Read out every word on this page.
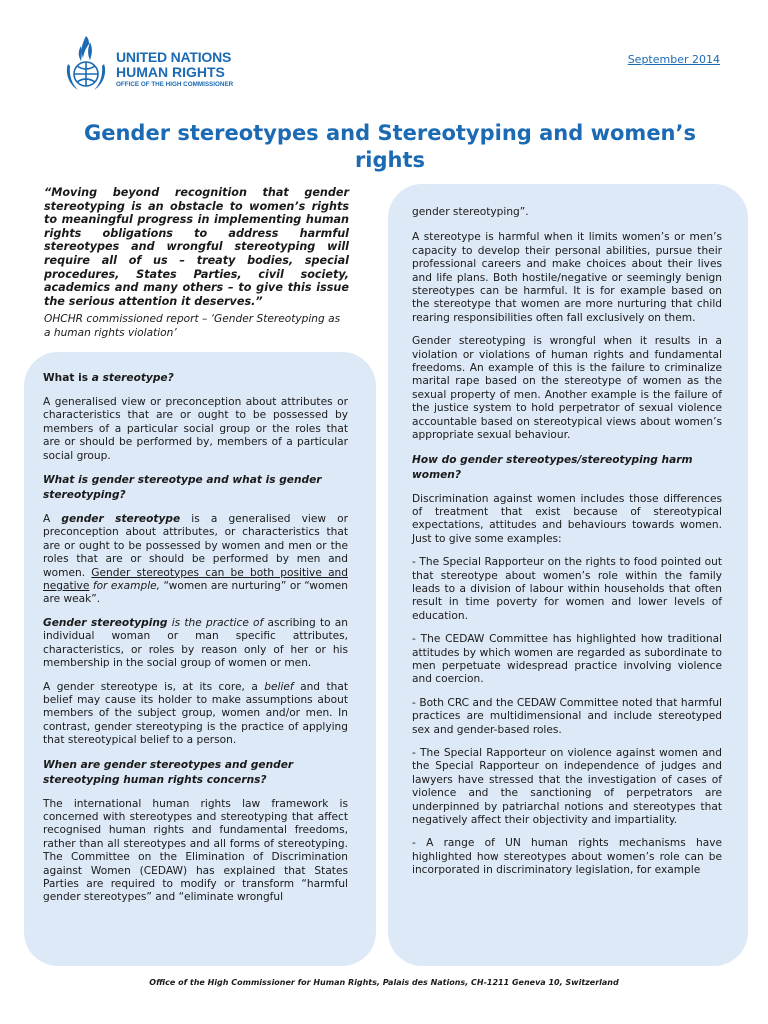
UNITED NATIONS
HUMAN RIGHTS
OFFICE OF THE HIGH COMMISSIONER
September 2014
Gender stereotypes and Stereotyping and women’s rights
“Moving beyond recognition that gender stereotyping is an obstacle to women’s rights to meaningful progress in implementing human rights obligations to address harmful stereotypes and wrongful stereotyping will require all of us – treaty bodies, special procedures, States Parties, civil society, academics and many others – to give this issue the serious attention it deserves.”
OHCHR commissioned report – ‘Gender Stereotyping as a human rights violation’
What is a stereotype?

A generalised view or preconception about attributes or characteristics that are or ought to be possessed by members of a particular social group or the roles that are or should be performed by, members of a particular social group.

What is gender stereotype and what is gender stereotyping?

A gender stereotype is a generalised view or preconception about attributes, or characteristics that are or ought to be possessed by women and men or the roles that are or should be performed by men and women. Gender stereotypes can be both positive and negative for example, “women are nurturing” or “women are weak”.

Gender stereotyping is the practice of ascribing to an individual woman or man specific attributes, characteristics, or roles by reason only of her or his membership in the social group of women or men.

A gender stereotype is, at its core, a belief and that belief may cause its holder to make assumptions about members of the subject group, women and/or men. In contrast, gender stereotyping is the practice of applying that stereotypical belief to a person.

When are gender stereotypes and gender stereotyping human rights concerns?

The international human rights law framework is concerned with stereotypes and stereotyping that affect recognised human rights and fundamental freedoms, rather than all stereotypes and all forms of stereotyping. The Committee on the Elimination of Discrimination against Women (CEDAW) has explained that States Parties are required to modify or transform “harmful gender stereotypes” and “eliminate wrongful

gender stereotyping”.

A stereotype is harmful when it limits women’s or men’s capacity to develop their personal abilities, pursue their professional careers and make choices about their lives and life plans. Both hostile/negative or seemingly benign stereotypes can be harmful. It is for example based on the stereotype that women are more nurturing that child rearing responsibilities often fall exclusively on them.

Gender stereotyping is wrongful when it results in a violation or violations of human rights and fundamental freedoms. An example of this is the failure to criminalize marital rape based on the stereotype of women as the sexual property of men. Another example is the failure of the justice system to hold perpetrator of sexual violence accountable based on stereotypical views about women’s appropriate sexual behaviour.

How do gender stereotypes/stereotyping harm women?

Discrimination against women includes those differences of treatment that exist because of stereotypical expectations, attitudes and behaviours towards women. Just to give some examples:

- The Special Rapporteur on the rights to food pointed out that stereotype about women’s role within the family leads to a division of labour within households that often result in time poverty for women and lower levels of education.

- The CEDAW Committee has highlighted how traditional attitudes by which women are regarded as subordinate to men perpetuate widespread practice involving violence and coercion.

- Both CRC and the CEDAW Committee noted that harmful practices are multidimensional and include stereotyped sex and gender-based roles.

- The Special Rapporteur on violence against women and the Special Rapporteur on independence of judges and lawyers have stressed that the investigation of cases of violence and the sanctioning of perpetrators are underpinned by patriarchal notions and stereotypes that negatively affect their objectivity and impartiality.

- A range of UN human rights mechanisms have highlighted how stereotypes about women’s role can be incorporated in discriminatory legislation, for example

Office of the High Commissioner for Human Rights, Palais des Nations, CH-1211 Geneva 10, Switzerland
